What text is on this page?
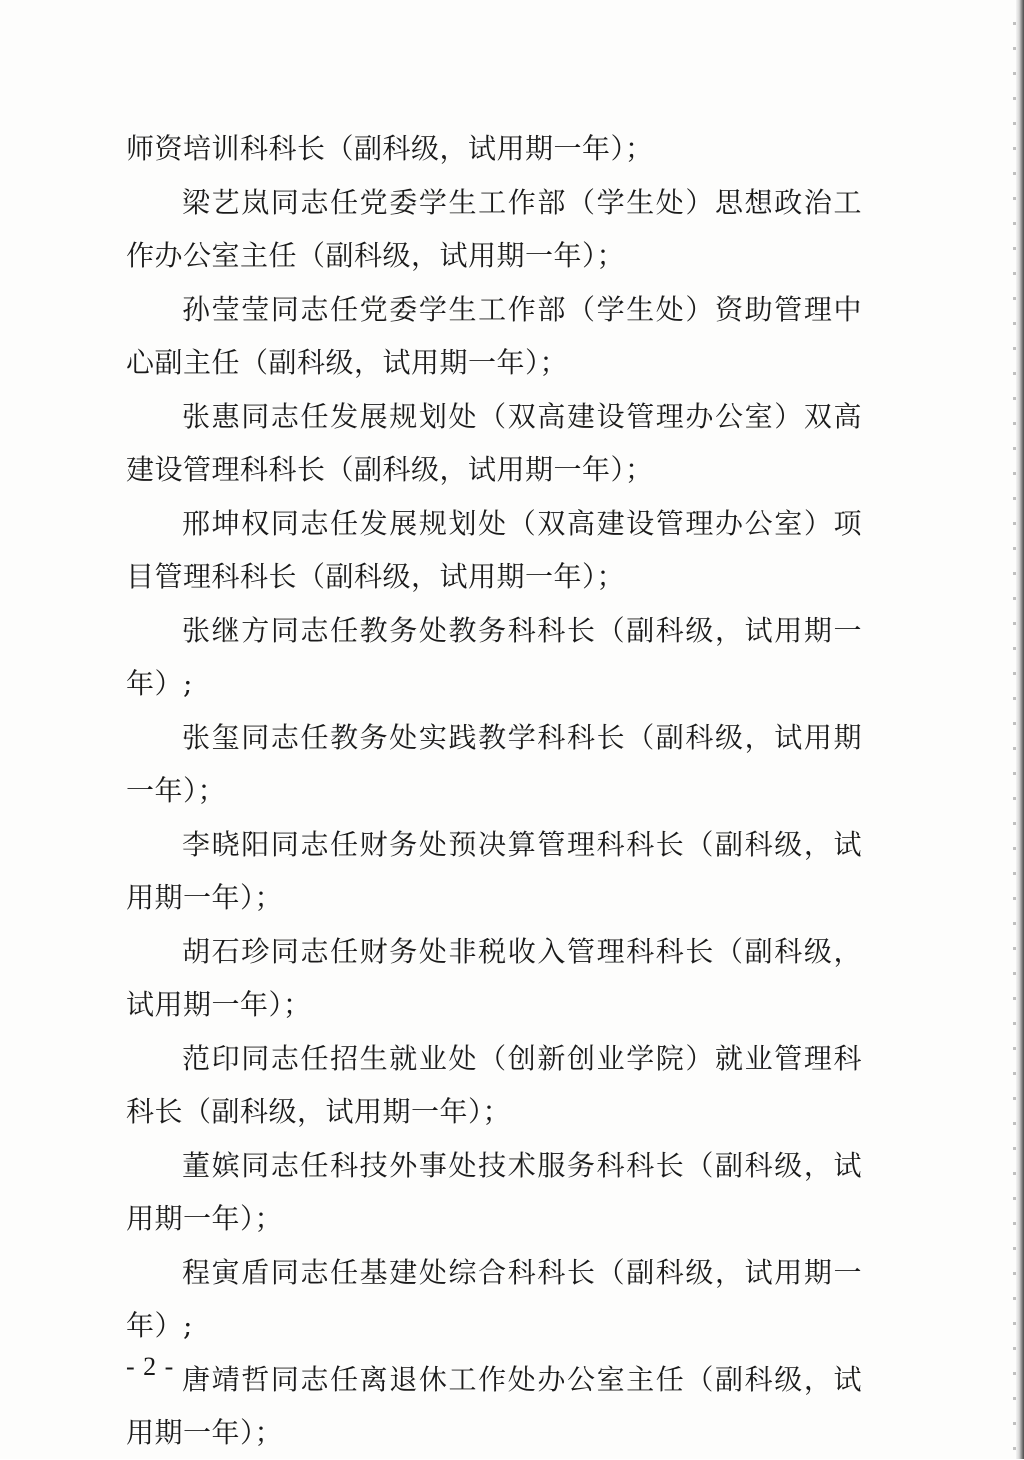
师资培训科科长（副科级，试用期一年）；

梁艺岚同志任党委学生工作部（学生处）思想政治工作办公室主任（副科级，试用期一年）；

孙莹莹同志任党委学生工作部（学生处）资助管理中心副主任（副科级，试用期一年）；

张惠同志任发展规划处（双高建设管理办公室）双高建设管理科科长（副科级，试用期一年）；

邢坤权同志任发展规划处（双高建设管理办公室）项目管理科科长（副科级，试用期一年）；

张继方同志任教务处教务科科长（副科级，试用期一年）;

张玺同志任教务处实践教学科科长（副科级，试用期一年）；

李晓阳同志任财务处预决算管理科科长（副科级，试用期一年）；

胡石珍同志任财务处非税收入管理科科长（副科级，试用期一年）；

范印同志任招生就业处（创新创业学院）就业管理科科长（副科级，试用期一年）；

董嫔同志任科技外事处技术服务科科长（副科级，试用期一年）；

程寅盾同志任基建处综合科科长（副科级，试用期一年）;

唐靖哲同志任离退休工作处办公室主任（副科级，试用期一年）；

- 2 -
